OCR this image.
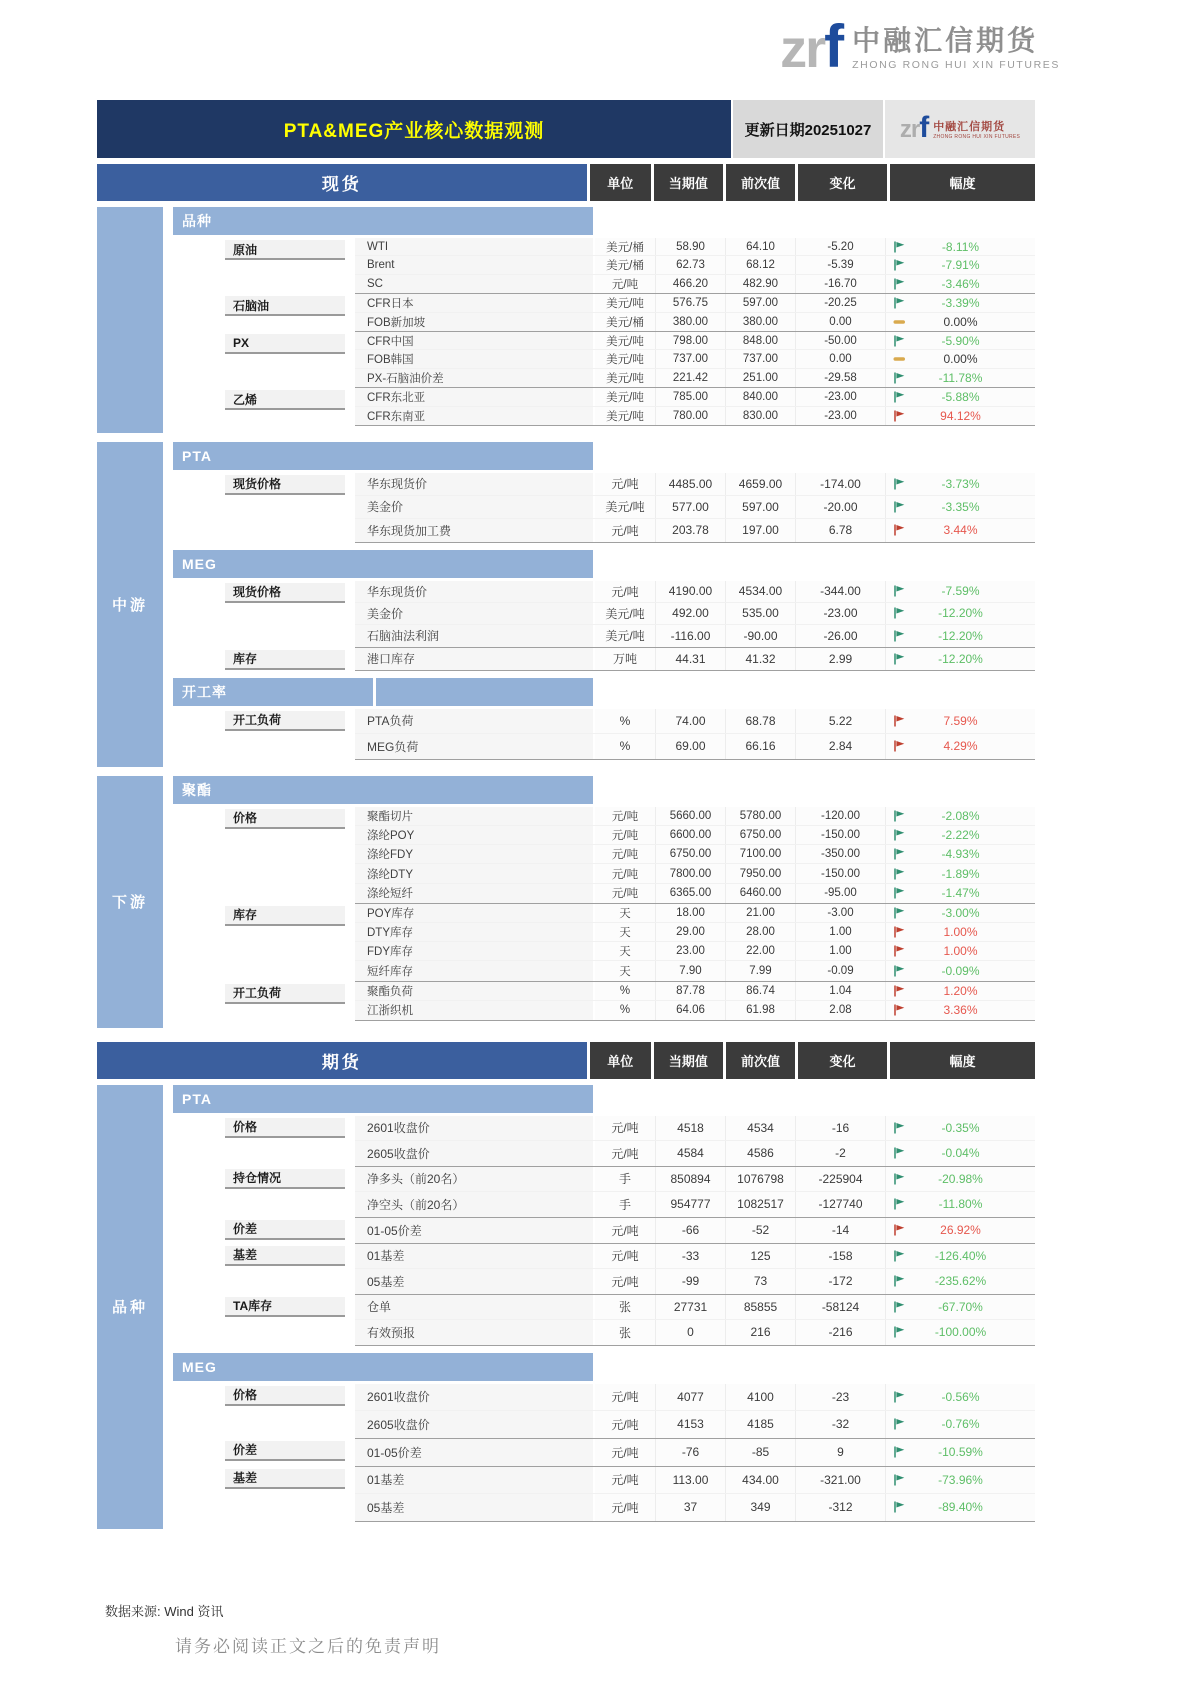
zrf 中融汇信期货
ZHONG RONG HUI XIN FUTURES
PTA&MEG产业核心数据观测	更新日期20251027	zrf 中融汇信期货
ZHONG RONG HUI XIN FUTURES
现货	单位	当期值	前次值	变化	幅度
品种
原油	WTI	美元/桶	58.90	64.10	-5.20	-8.11%
Brent	美元/桶	62.73	68.12	-5.39	-7.91%
SC	元/吨	466.20	482.90	-16.70	-3.46%
石脑油	CFR日本	美元/吨	576.75	597.00	-20.25	-3.39%
FOB新加坡	美元/桶	380.00	380.00	0.00	0.00%
PX	CFR中国	美元/吨	798.00	848.00	-50.00	-5.90%
FOB韩国	美元/吨	737.00	737.00	0.00	0.00%
PX-石脑油价差	美元/吨	221.42	251.00	-29.58	-11.78%
乙烯	CFR东北亚	美元/吨	785.00	840.00	-23.00	-5.88%
CFR东南亚	美元/吨	780.00	830.00	-23.00	94.12%
中游
PTA
现货价格	华东现货价	元/吨	4485.00	4659.00	-174.00	-3.73%
美金价	美元/吨	577.00	597.00	-20.00	-3.35%
华东现货加工费	元/吨	203.78	197.00	6.78	3.44%
MEG
现货价格	华东现货价	元/吨	4190.00	4534.00	-344.00	-7.59%
美金价	美元/吨	492.00	535.00	-23.00	-12.20%
石脑油法利润	美元/吨	-116.00	-90.00	-26.00	-12.20%
库存	港口库存	万吨	44.31	41.32	2.99	-12.20%
开工率
开工负荷	PTA负荷	%	74.00	68.78	5.22	7.59%
MEG负荷	%	69.00	66.16	2.84	4.29%
下游
聚酯
价格	聚酯切片	元/吨	5660.00	5780.00	-120.00	-2.08%
涤纶POY	元/吨	6600.00	6750.00	-150.00	-2.22%
涤纶FDY	元/吨	6750.00	7100.00	-350.00	-4.93%
涤纶DTY	元/吨	7800.00	7950.00	-150.00	-1.89%
涤纶短纤	元/吨	6365.00	6460.00	-95.00	-1.47%
库存	POY库存	天	18.00	21.00	-3.00	-3.00%
DTY库存	天	29.00	28.00	1.00	1.00%
FDY库存	天	23.00	22.00	1.00	1.00%
短纤库存	天	7.90	7.99	-0.09	-0.09%
开工负荷	聚酯负荷	%	87.78	86.74	1.04	1.20%
江浙织机	%	64.06	61.98	2.08	3.36%
期货	单位	当期值	前次值	变化	幅度
品种
PTA
价格	2601收盘价	元/吨	4518	4534	-16	-0.35%
2605收盘价	元/吨	4584	4586	-2	-0.04%
持仓情况	净多头（前20名）	手	850894	1076798	-225904	-20.98%
净空头（前20名）	手	954777	1082517	-127740	-11.80%
价差	01-05价差	元/吨	-66	-52	-14	26.92%
基差	01基差	元/吨	-33	125	-158	-126.40%
05基差	元/吨	-99	73	-172	-235.62%
TA库存	仓单	张	27731	85855	-58124	-67.70%
有效预报	张	0	216	-216	-100.00%
MEG
价格	2601收盘价	元/吨	4077	4100	-23	-0.56%
2605收盘价	元/吨	4153	4185	-32	-0.76%
价差	01-05价差	元/吨	-76	-85	9	-10.59%
基差	01基差	元/吨	113.00	434.00	-321.00	-73.96%
05基差	元/吨	37	349	-312	-89.40%
数据来源: Wind 资讯
请务必阅读正文之后的免责声明
